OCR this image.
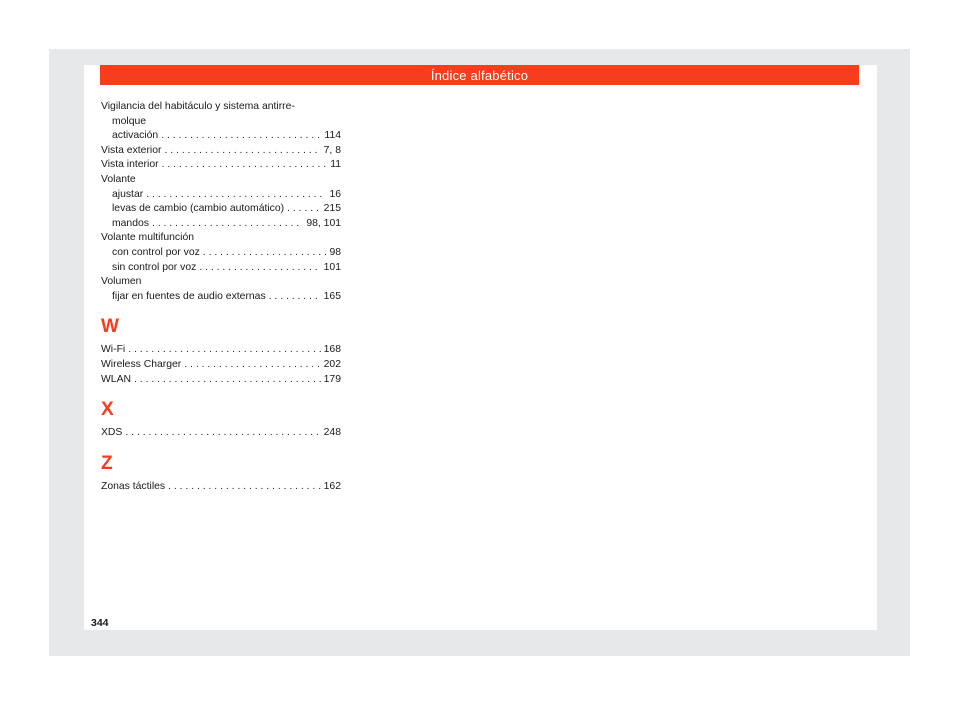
Índice alfabético
Vigilancia del habitáculo y sistema antirre-
molque
activación . . .	114
Vista exterior . . .	7, 8
Vista interior . . .	11
Volante
ajustar . . .	16
levas de cambio (cambio automático) . . .	215
mandos . . .	98, 101
Volante multifunción
con control por voz . . .	98
sin control por voz . . .	101
Volumen
fijar en fuentes de audio externas . . .	165
W
Wi-Fi . . .	168
Wireless Charger . . .	202
WLAN . . .	179
X
XDS . . .	248
Z
Zonas táctiles . . .	162
344
